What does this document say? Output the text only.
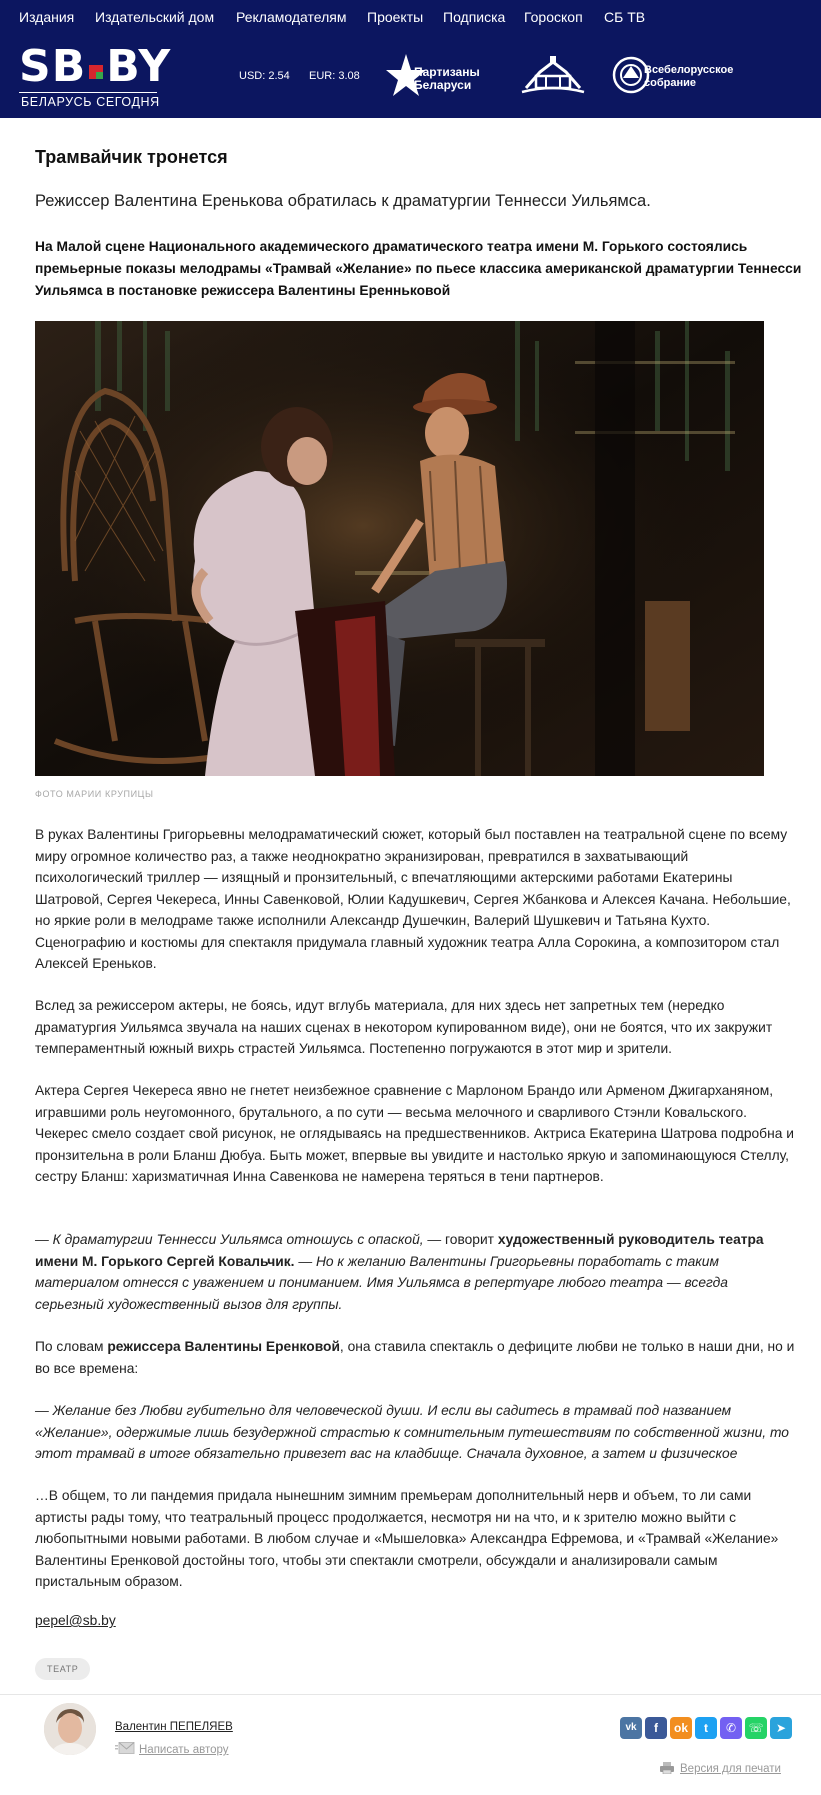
Издания Издательский дом Рекламодателям Проекты Подписка Гороскоп СБ ТВ
SB BY
БЕЛАРУСЬ СЕГОДНЯ
USD: 2.54 EUR: 3.08	Партизаны Беларуси
Всебелорусское собрание
Трамвайчик тронется
Режиссер Валентина Еренькова обратилась к драматургии Теннесси Уильямса.
На Малой сцене Национального академического драматического театра имени М. Горького состоялись премьерные показы мелодрамы «Трамвай «Желание» по пьесе классика американской драматургии Теннесси Уильямса в постановке режиссера Валентины Еренньковой
ФОТО МАРИИ КРУПИЦЫ

В руках Валентины Григорьевны мелодраматический сюжет, который был поставлен на театральной сцене по всему миру огромное количество раз, а также неоднократно экранизирован, превратился в захватывающий психологический триллер — изящный и пронзительный, с впечатляющими актерскими работами Екатерины Шатровой, Сергея Чекереса, Инны Савенковой, Юлии Кадушкевич, Сергея Жбанкова и Алексея Качана. Небольшие, но яркие роли в мелодраме также исполнили Александр Душечкин, Валерий Шушкевич и Татьяна Кухто. Сценографию и костюмы для спектакля придумала главный художник театра Алла Сорокина, а композитором стал Алексей Ереньков.

Вслед за режиссером актеры, не боясь, идут вглубь материала, для них здесь нет запретных тем (нередко драматургия Уильямса звучала на наших сценах в некотором купированном виде), они не боятся, что их закружит темпераментный южный вихрь страстей Уильямса. Постепенно погружаются в этот мир и зрители.

Актера Сергея Чекереса явно не гнетет неизбежное сравнение с Марлоном Брандо или Арменом Джигарханяном, игравшими роль неугомонного, брутального, а по сути — весьма мелочного и сварливого Стэнли Ковальского. Чекерес смело создает свой рисунок, не оглядываясь на предшественников. Актриса Екатерина Шатрова подробна и пронзительна в роли Бланш Дюбуа. Быть может, впервые вы увидите и настолько яркую и запоминающуюся Стеллу, сестру Бланш: харизматичная Инна Савенкова не намерена теряться в тени партнеров.

— К драматургии Теннесси Уильямса отношусь с опаской, — говорит художественный руководитель театра имени М. Горького Сергей Ковальчик. — Но к желанию Валентины Григорьевны поработать с таким материалом отнесся с уважением и пониманием. Имя Уильямса в репертуаре любого театра — всегда серьезный художественный вызов для группы.

По словам режиссера Валентины Еренковой, она ставила спектакль о дефиците любви не только в наши дни, но и во все времена:

— Желание без Любви губительно для человеческой души. И если вы садитесь в трамвай под названием «Желание», одержимые лишь безудержной страстью к сомнительным путешествиям по собственной жизни, то этот трамвай в итоге обязательно привезет вас на кладбище. Сначала духовное, а затем и физическое

…В общем, то ли пандемия придала нынешним зимним премьерам дополнительный нерв и объем, то ли сами артисты рады тому, что театральный процесс продолжается, несмотря ни на что, и к зрителю можно выйти с любопытными новыми работами. В любом случае и «Мышеловка» Александра Ефремова, и «Трамвай «Желание» Валентины Еренковой достойны того, чтобы эти спектакли смотрели, обсуждали и анализировали самым пристальным образом.

pepel@sb.by
ТЕАТР
Валентин ПЕПЕЛЯЕВ
Написать автору
vk	f	ok	t	✆	☏	➤
Версия для печати
